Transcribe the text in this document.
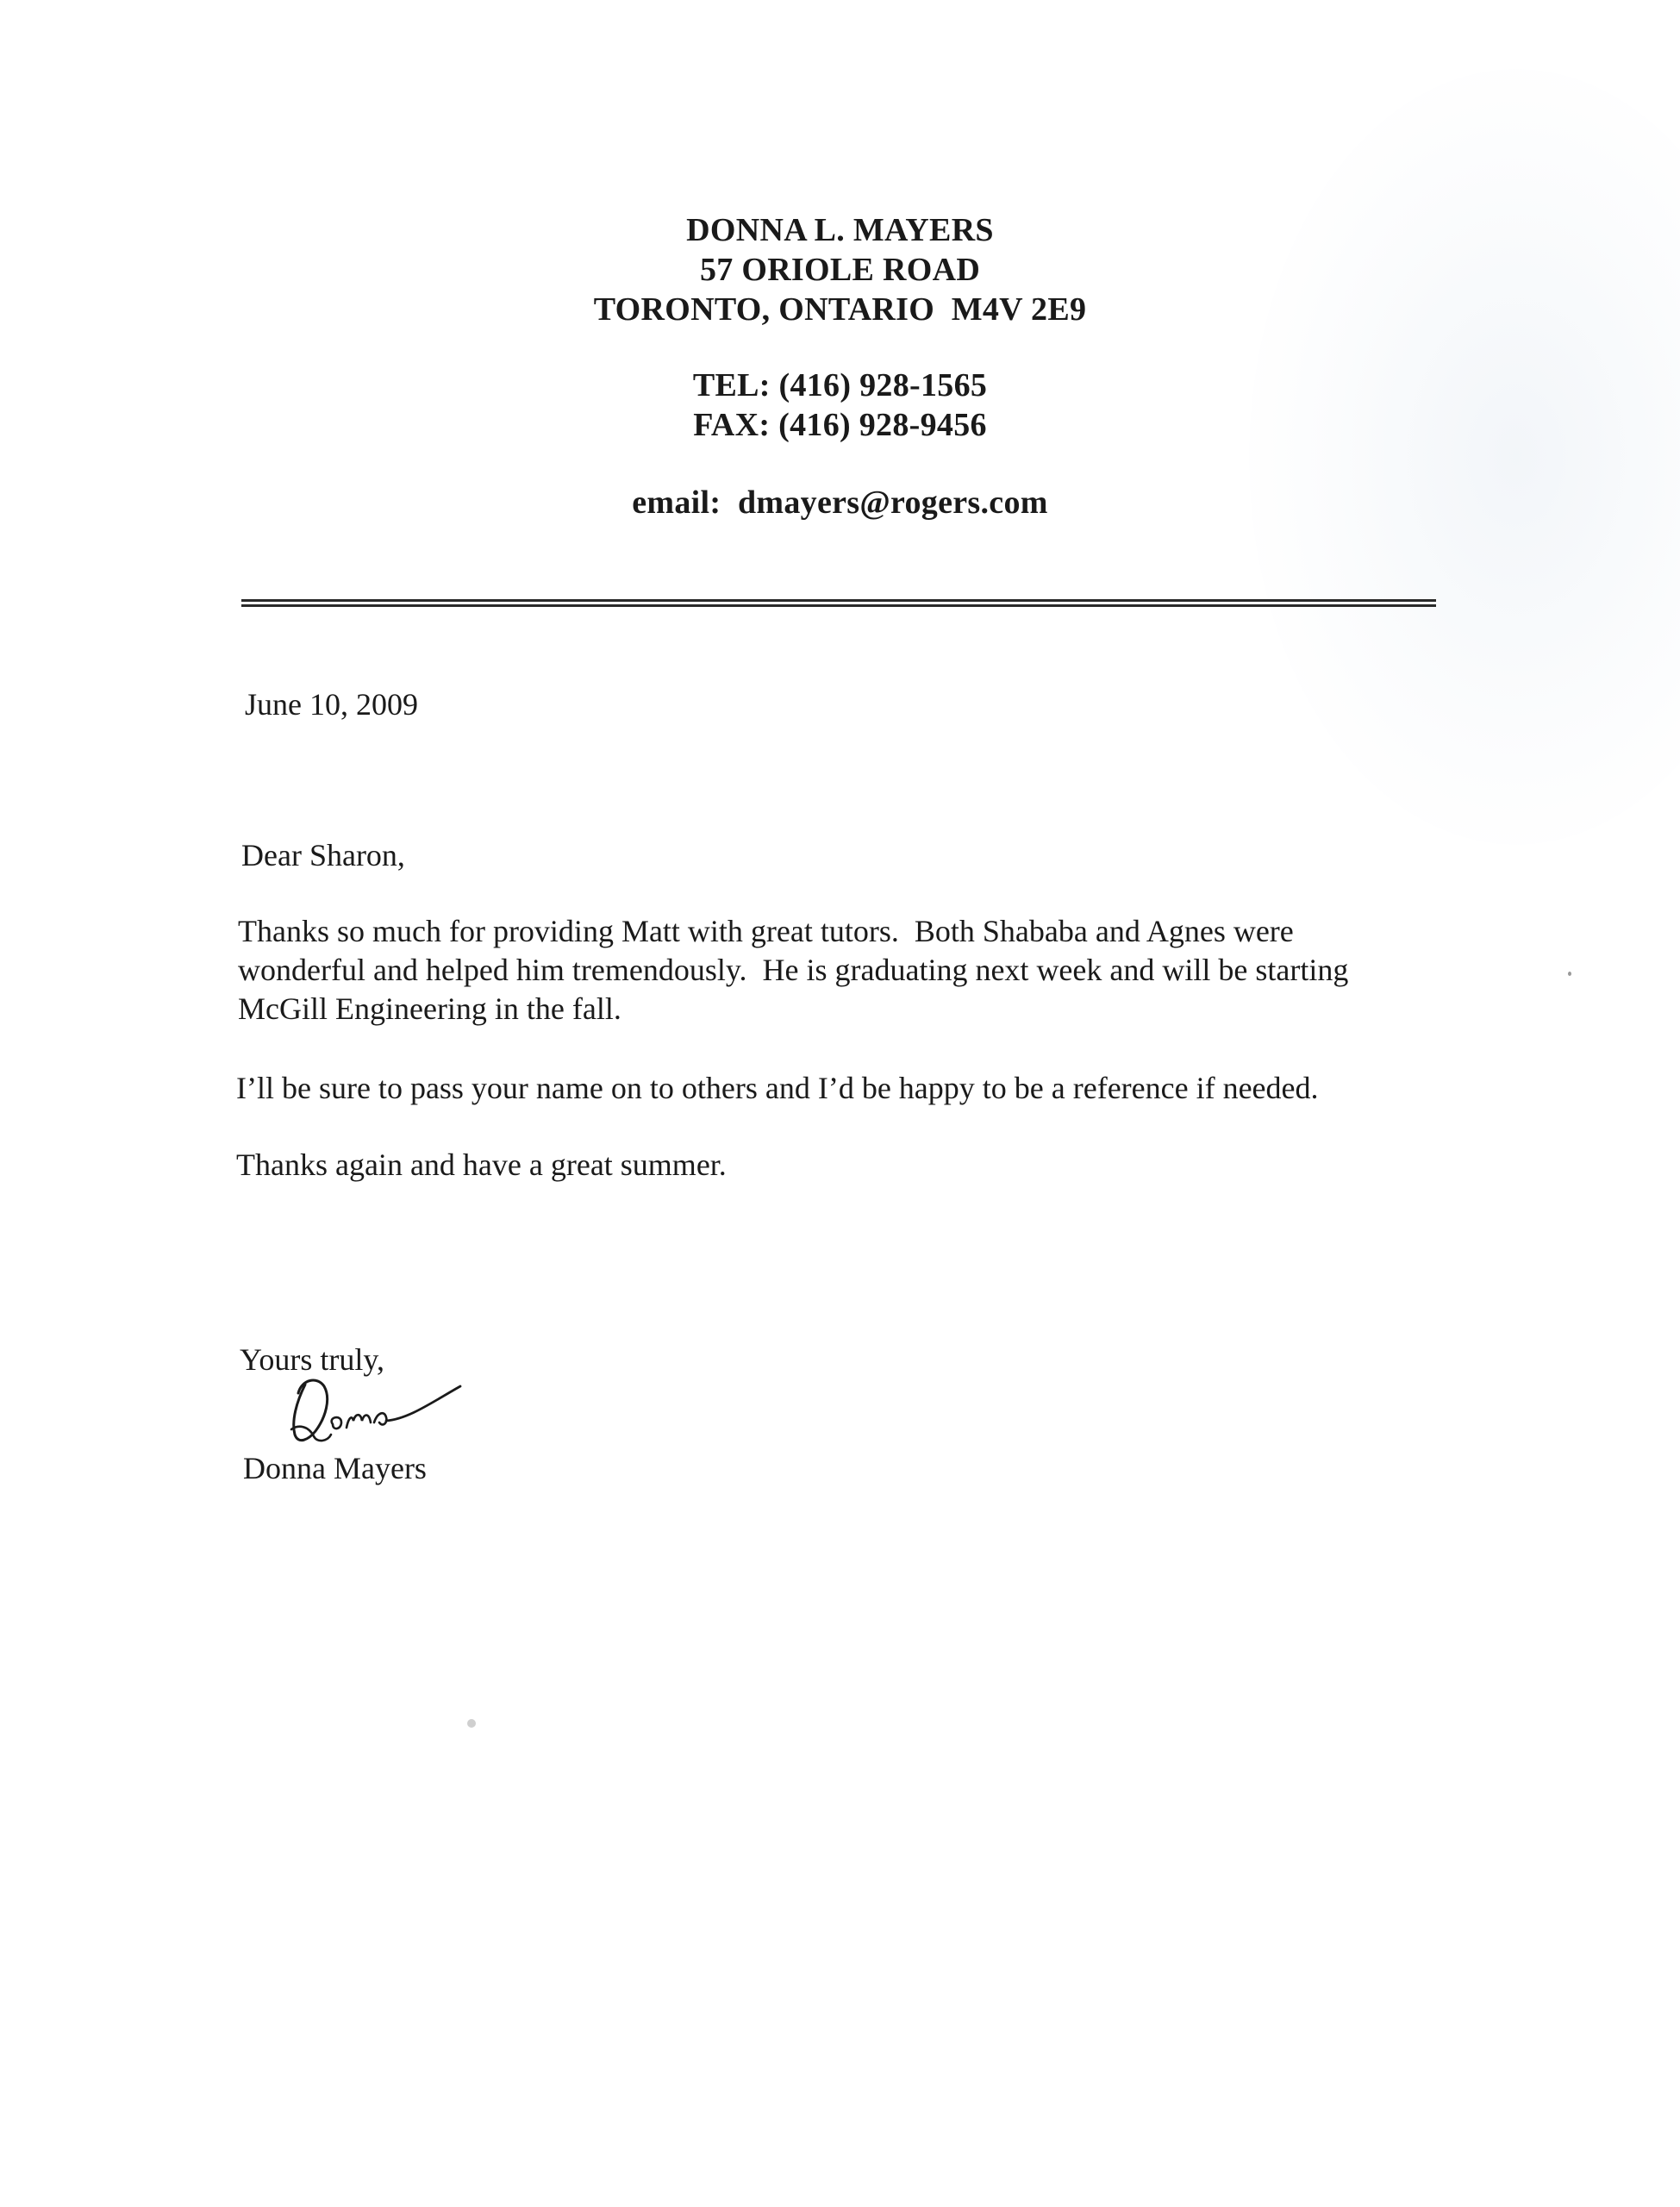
DONNA L. MAYERS
57 ORIOLE ROAD
TORONTO, ONTARIO  M4V 2E9
TEL: (416) 928-1565
FAX: (416) 928-9456
email:  dmayers@rogers.com
June 10, 2009
Dear Sharon,
Thanks so much for providing Matt with great tutors.  Both Shababa and Agnes were
wonderful and helped him tremendously.  He is graduating next week and will be starting
McGill Engineering in the fall.
I’ll be sure to pass your name on to others and I’d be happy to be a reference if needed.
Thanks again and have a great summer.
Yours truly,
Donna Mayers
